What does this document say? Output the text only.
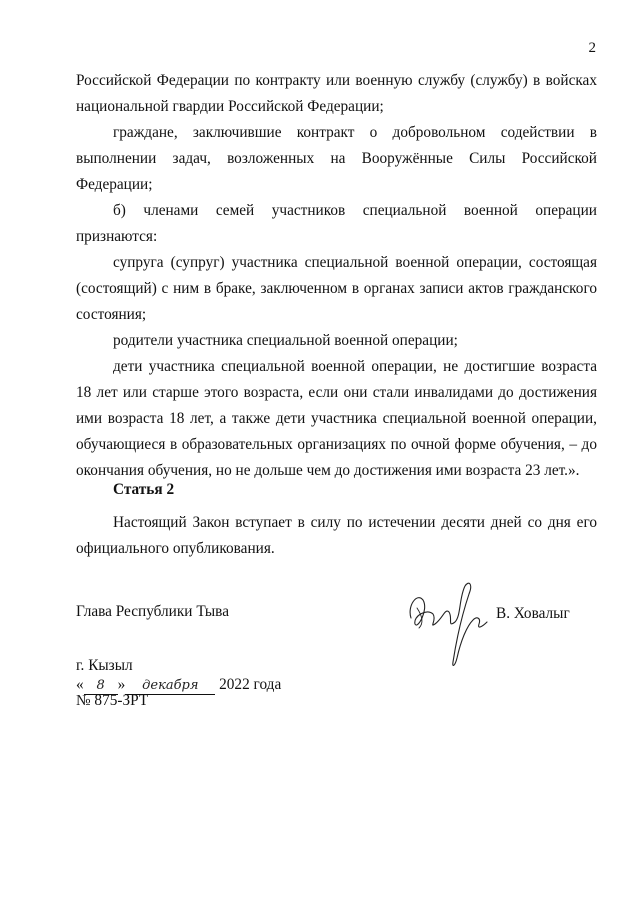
2

Российской Федерации по контракту или военную службу (службу) в войсках национальной гвардии Российской Федерации;

граждане, заключившие контракт о добровольном содействии в выполнении задач, возложенных на Вооружённые Силы Российской Федерации;

б) членами семей участников специальной военной операции признаются:

супруга (супруг) участника специальной военной операции, состоящая (состоящий) с ним в браке, заключенном в органах записи актов гражданского состояния;

родители участника специальной военной операции;

дети участника специальной военной операции, не достигшие возраста 18 лет или старше этого возраста, если они стали инвалидами до достижения ими возраста 18 лет, а также дети участника специальной военной операции, обучающиеся в образовательных организациях по очной форме обучения, – до окончания обучения, но не дольше чем до достижения ими возраста 23 лет.».

Статья 2

Настоящий Закон вступает в силу по истечении десяти дней со дня его официального опубликования.

Глава Республики Тыва	В. Ховалыг
г. Кызыл
« 8 » декабря 2022 года
№ 875-ЗРТ
